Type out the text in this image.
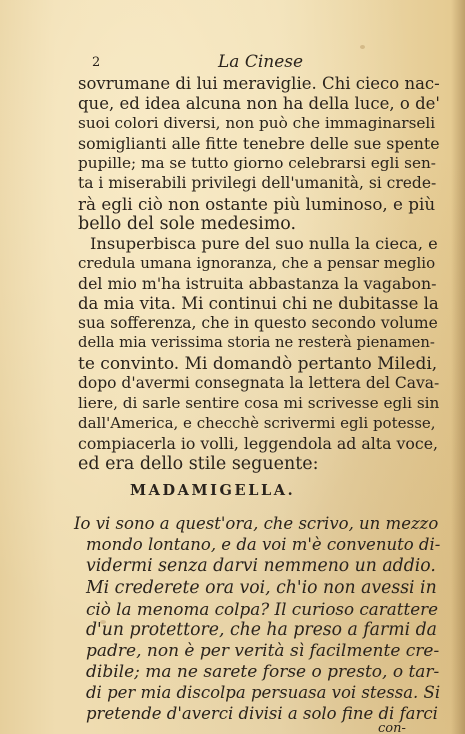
2	La Cinese

sovrumane di lui meraviglie. Chi cieco nac-

que, ed idea alcuna non ha della luce, o de'

suoi colori diversi, non può che immaginarseli

somiglianti alle fitte tenebre delle sue spente

pupille; ma se tutto giorno celebrarsi egli sen-

ta i miserabili privilegi dell'umanità, si crede-

rà egli ciò non ostante più luminoso, e più

bello del sole medesimo.

Insuperbisca pure del suo nulla la cieca, e

credula umana ignoranza, che a pensar meglio

del mio m'ha istruita abbastanza la vagabon-

da mia vita. Mi continui chi ne dubitasse la

sua sofferenza, che in questo secondo volume

della mia verissima storia ne resterà pienamen-

te convinto. Mi domandò pertanto Miledi,

dopo d'avermi consegnata la lettera del Cava-

liere, di sarle sentire cosa mi scrivesse egli sin

dall'America, e checchè scrivermi egli potesse,

compiacerla io volli, leggendola ad alta voce,

ed era dello stile seguente:

MADAMIGELLA.

Io vi sono a quest'ora, che scrivo, un mezzo

mondo lontano, e da voi m'è convenuto di-

vidermi senza darvi nemmeno un addio.

Mi crederete ora voi, ch'io non avessi in

ciò la menoma colpa? Il curioso carattere

d'un protettore, che ha preso a farmi da

padre, non è per verità sì facilmente cre-

dibile; ma ne sarete forse o presto, o tar-

di per mia discolpa persuasa voi stessa. Si

pretende d'averci divisi a solo fine di farci

con-
